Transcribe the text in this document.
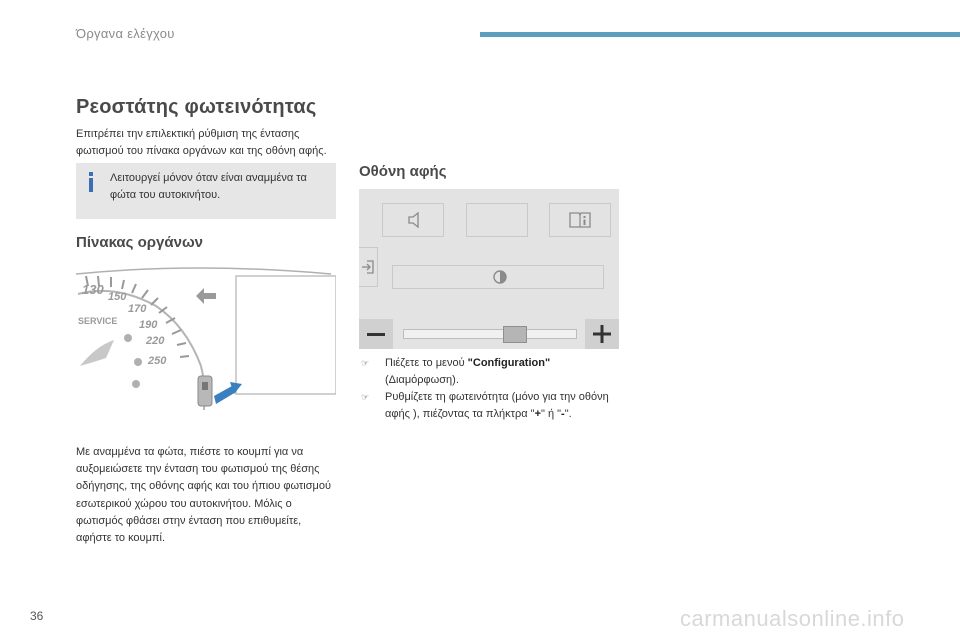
Όργανα ελέγχου
Ρεοστάτης φωτεινότητας
Επιτρέπει την επιλεκτική ρύθμιση της έντασης φωτισμού του πίνακα οργάνων και της οθόνη αφής.
Λειτουργεί μόνον όταν είναι αναμμένα τα φώτα του αυτοκινήτου.
Πίνακας οργάνων
130 150
170
190
220
250
SERVICE
Με αναμμένα τα φώτα, πιέστε το κουμπί για να αυξομειώσετε την ένταση του φωτισμού της θέσης οδήγησης, της οθόνης αφής και του ήπιου φωτισμού εσωτερικού χώρου του αυτοκινήτου. Μόλις ο φωτισμός φθάσει στην ένταση που επιθυμείτε, αφήστε το κουμπί.
Οθόνη αφής
☞ Πιέζετε το μενού "Configuration"
(Διαμόρφωση).
☞ Ρυθμίζετε τη φωτεινότητα (μόνο για την οθόνη αφής ), πιέζοντας τα πλήκτρα "+" ή "-".
36	carmanualsonline.info
